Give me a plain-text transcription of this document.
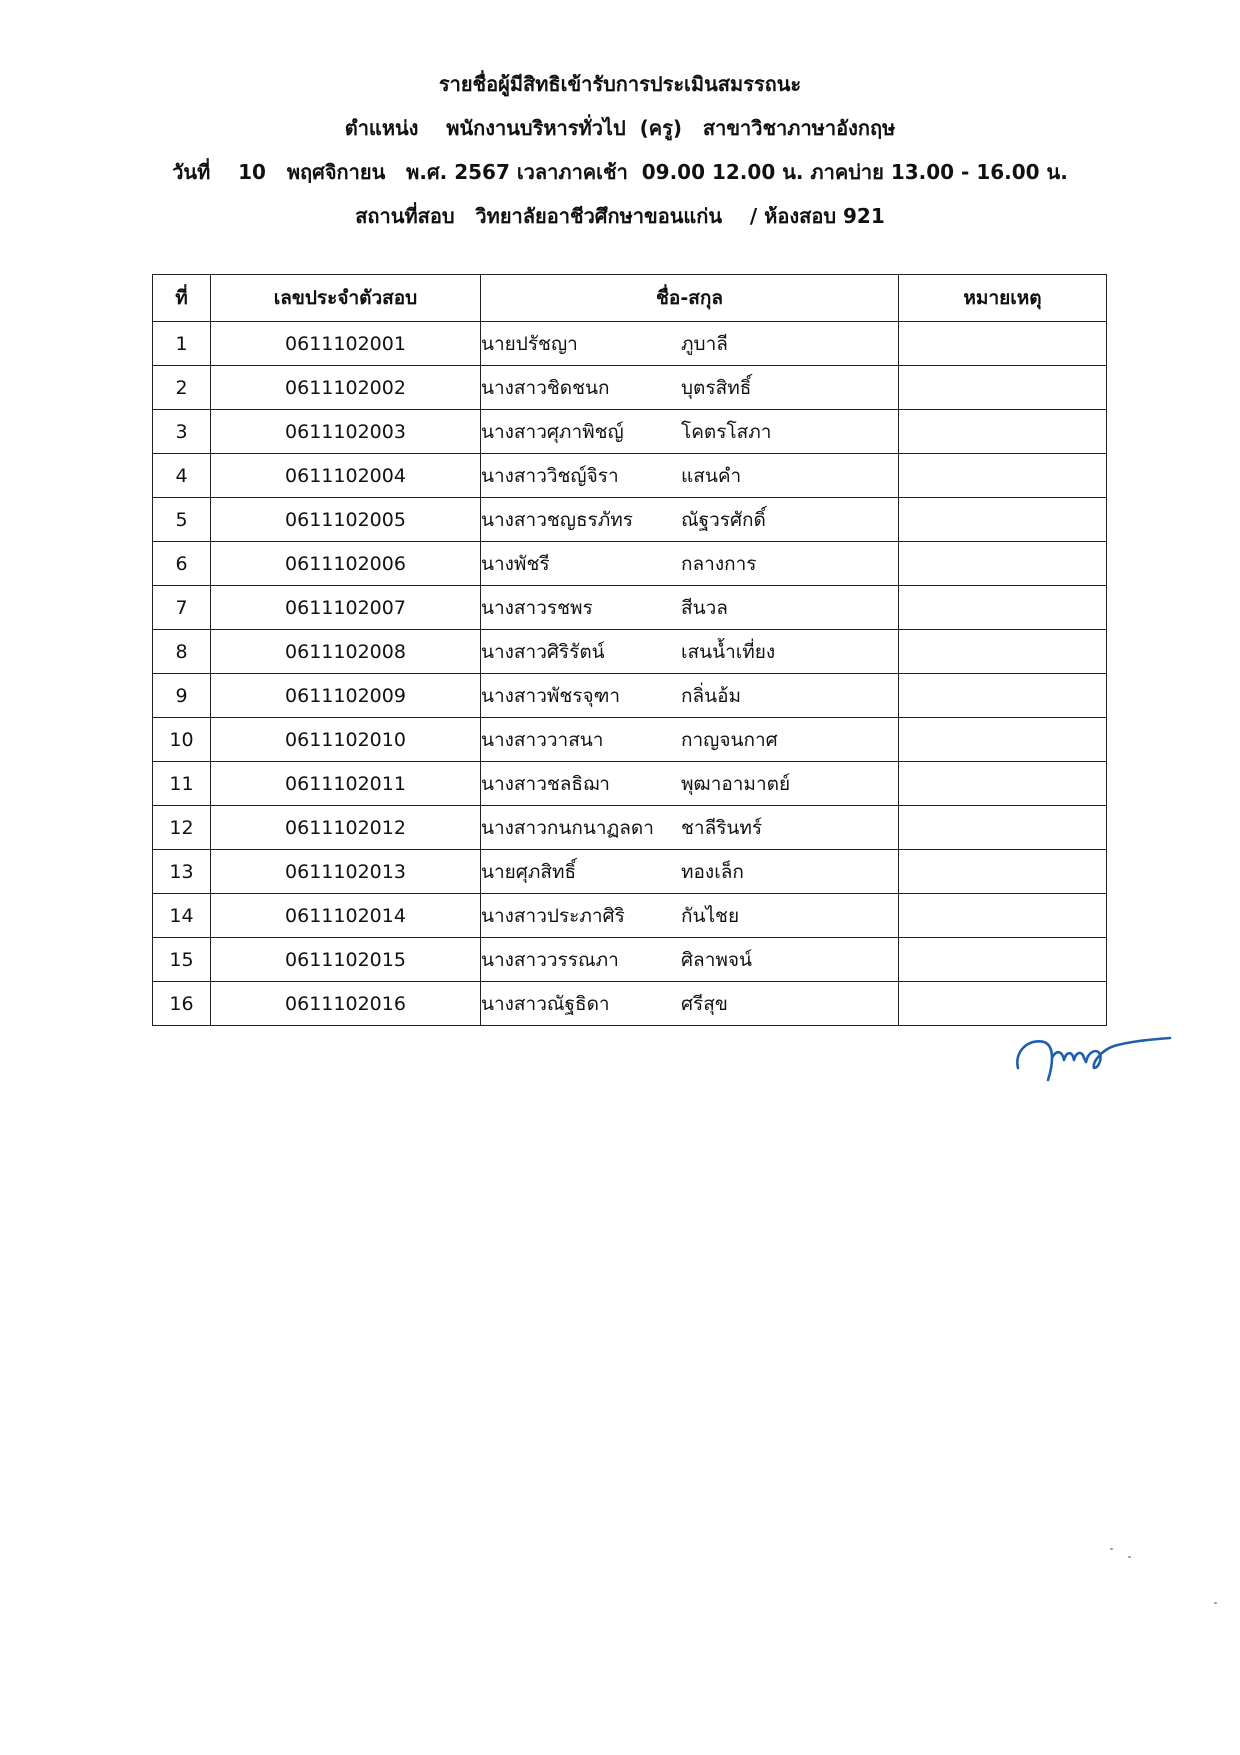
รายชื่อผู้มีสิทธิเข้ารับการประเมินสมรรถนะ
ตำแหน่ง    พนักงานบริหารทั่วไป  (ครู)   สาขาวิชาภาษาอังกฤษ
วันที่    10   พฤศจิกายน   พ.ศ. 2567 เวลาภาคเช้า  09.00 12.00 น. ภาคบ่าย 13.00 - 16.00 น.
สถานที่สอบ   วิทยาลัยอาชีวศึกษาขอนแก่น    / ห้องสอบ 921
ที่	เลขประจำตัวสอบ	ชื่อ-สกุล	หมายเหตุ
1	0611102001	นายปรัชญา ภูบาลี	
2	0611102002	นางสาวชิดชนก บุตรสิทธิ์	
3	0611102003	นางสาวศุภาพิชญ์ โคตรโสภา	
4	0611102004	นางสาววิชญ์จิรา แสนคำ	
5	0611102005	นางสาวชญธรภัทร ณัฐวรศักดิ์	
6	0611102006	นางพัชรี กลางการ	
7	0611102007	นางสาวรชพร สีนวล	
8	0611102008	นางสาวศิริรัตน์ เสนน้ำเที่ยง	
9	0611102009	นางสาวพัชรจุฑา กลิ่นอ้ม	
10	0611102010	นางสาววาสนา กาญจนกาศ	
11	0611102011	นางสาวชลธิฌา พุฒาอามาตย์	
12	0611102012	นางสาวกนกนาฏลดา ชาลีรินทร์	
13	0611102013	นายศุภสิทธิ์ ทองเล็ก	
14	0611102014	นางสาวประภาศิริ กันไชย	
15	0611102015	นางสาววรรณภา ศิลาพจน์	
16	0611102016	นางสาวณัฐธิดา ศรีสุข	
